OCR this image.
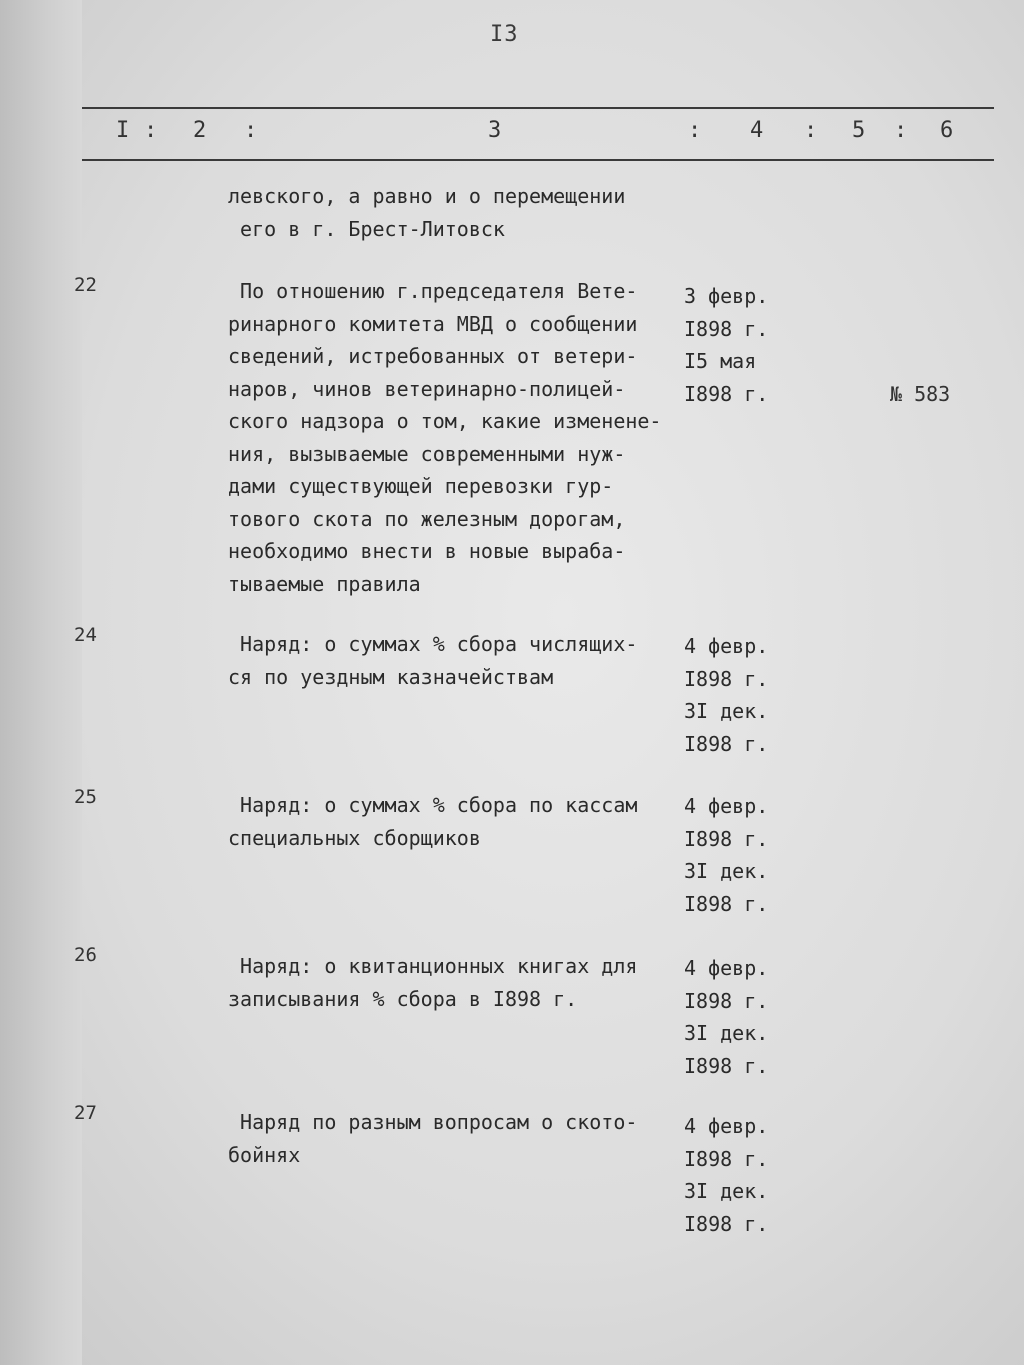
I3
I : 2 :	3	: 4 : 5 : 6
левского, а равно и о перемещении
его в г. Брест-Литовск
22	По отношению г.председателя Вете-
ринарного комитета МВД о сообщении
сведений, истребованных от ветери-
наров, чинов ветеринарно-полицей-
ского надзора о том, какие изменене-
ния, вызываемые современными нуж-
дами существующей перевозки гур-
тового скота по железным дорогам,
необходимо внести в новые выраба-
тываемые правила
3 февр.
I898 г.
I5 мая
I898 г.	№ 583
24	Наряд: о суммах % сбора числящих-
ся по уездным казначействам
4 февр.
I898 г.
3I дек.
I898 г.
25	Наряд: о суммах % сбора по кассам
специальных сборщиков
4 февр.
I898 г.
3I дек.
I898 г.
26	Наряд: о квитанционных книгах для
записывания % сбора в I898 г.
4 февр.
I898 г.
3I дек.
I898 г.
27	Наряд по разным вопросам о ското-
бойнях
4 февр.
I898 г.
3I дек.
I898 г.
